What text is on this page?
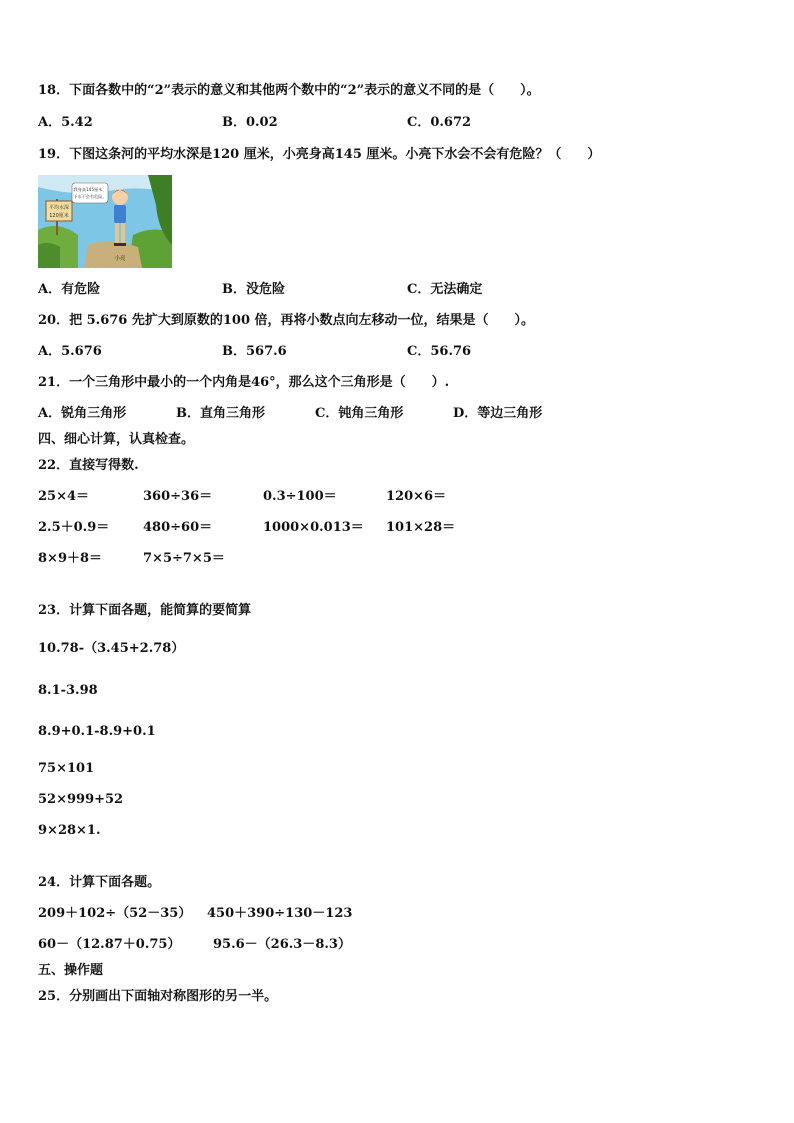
18．下面各数中的“2”表示的意义和其他两个数中的“2”表示的意义不同的是（　　）。
A．5.42	B．0.02	C．0.672
19．下图这条河的平均水深是120 厘米，小亮身高145 厘米。小亮下水会不会有危险？（　　）
平均水深
120厘米
我身高145厘米，
下水不会有危险。
小亮
A．有危险	B．没危险	C．无法确定
20．把 5.676 先扩大到原数的100 倍，再将小数点向左移动一位，结果是（　　）。
A．5.676	B．567.6	C．56.76
21．一个三角形中最小的一个内角是46°，那么这个三角形是（　　）.
A．锐角三角形	B．直角三角形	C．钝角三角形	D．等边三角形
四、细心计算，认真检查。
22．直接写得数.
25×4＝	360÷36＝	0.3÷100＝	120×6＝
2.5＋0.9＝	480÷60＝	1000×0.013＝ 101×28＝
8×9＋8＝	7×5÷7×5＝
23．计算下面各题，能简算的要简算
10.78-（3.45+2.78）
8.1-3.98
8.9+0.1-8.9+0.1
75×101
52×999+52
9×28×1.
24．计算下面各题。
209＋102÷（52－35） 450＋390÷130－123
60－（12.87＋0.75）	95.6－（26.3－8.3）
五、操作题
25．分别画出下面轴对称图形的另一半。
